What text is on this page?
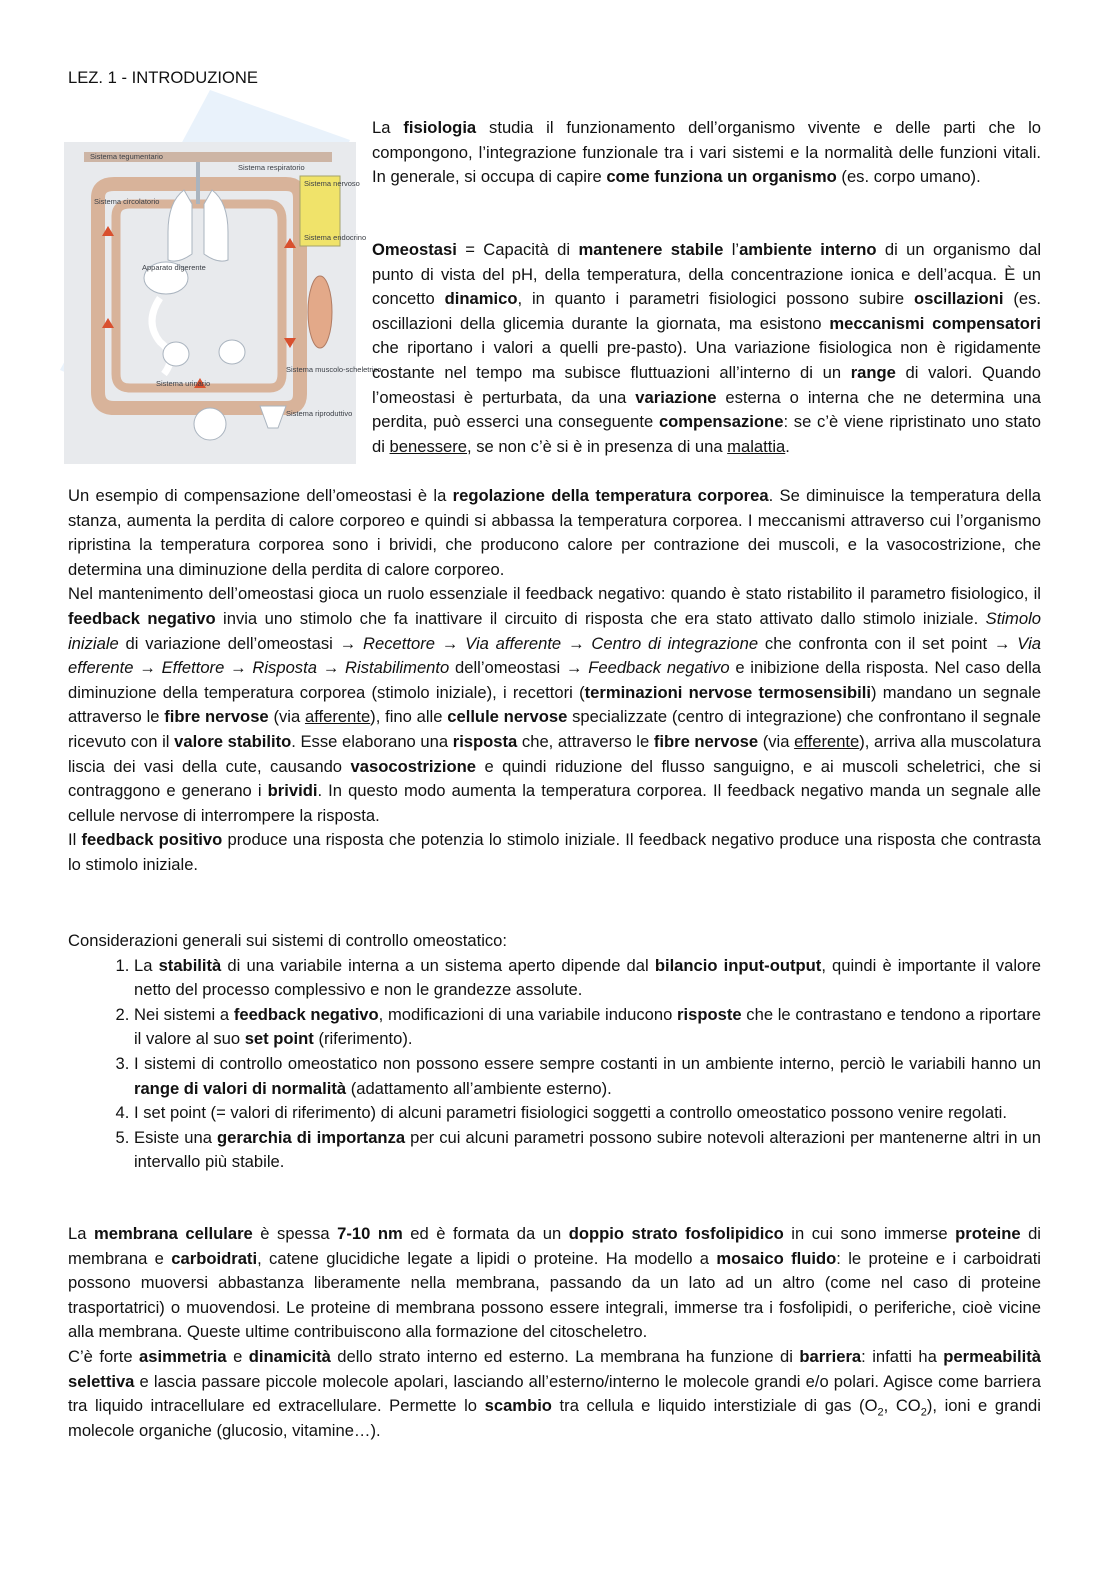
LEZ. 1 - INTRODUZIONE
Sistema tegumentario
Sistema respiratorio
Sistema nervoso
Sistema endocrino
Sistema circolatorio
Apparato digerente
Sistema muscolo-scheletrico
Sistema urinario
Sistema riproduttivo

La fisiologia studia il funzionamento dell’organismo vivente e delle parti che lo compongono, l’integrazione funzionale tra i vari sistemi e la normalità delle funzioni vitali. In generale, si occupa di capire come funziona un organismo (es. corpo umano).

Omeostasi = Capacità di mantenere stabile l’ambiente interno di un organismo dal punto di vista del pH, della temperatura, della concentrazione ionica e dell’acqua. È un concetto dinamico, in quanto i parametri fisiologici possono subire oscillazioni (es. oscillazioni della glicemia durante la giornata, ma esistono meccanismi compensatori che riportano i valori a quelli pre-pasto). Una variazione fisiologica non è rigidamente costante nel tempo ma subisce fluttuazioni all’interno di un range di valori. Quando l’omeostasi è perturbata, da una variazione esterna o interna che ne determina una perdita, può esserci una conseguente compensazione: se c’è viene ripristinato uno stato di benessere, se non c’è si è in presenza di una malattia.

Un esempio di compensazione dell’omeostasi è la regolazione della temperatura corporea. Se diminuisce la temperatura della stanza, aumenta la perdita di calore corporeo e quindi si abbassa la temperatura corporea. I meccanismi attraverso cui l’organismo ripristina la temperatura corporea sono i brividi, che producono calore per contrazione dei muscoli, e la vasocostrizione, che determina una diminuzione della perdita di calore corporeo.

Nel mantenimento dell’omeostasi gioca un ruolo essenziale il feedback negativo: quando è stato ristabilito il parametro fisiologico, il feedback negativo invia uno stimolo che fa inattivare il circuito di risposta che era stato attivato dallo stimolo iniziale. Stimolo iniziale di variazione dell’omeostasi → Recettore → Via afferente → Centro di integrazione che confronta con il set point → Via efferente → Effettore → Risposta → Ristabilimento dell’omeostasi → Feedback negativo e inibizione della risposta. Nel caso della diminuzione della temperatura corporea (stimolo iniziale), i recettori (terminazioni nervose termosensibili) mandano un segnale attraverso le fibre nervose (via afferente), fino alle cellule nervose specializzate (centro di integrazione) che confrontano il segnale ricevuto con il valore stabilito. Esse elaborano una risposta che, attraverso le fibre nervose (via efferente), arriva alla muscolatura liscia dei vasi della cute, causando vasocostrizione e quindi riduzione del flusso sanguigno, e ai muscoli scheletrici, che si contraggono e generano i brividi. In questo modo aumenta la temperatura corporea. Il feedback negativo manda un segnale alle cellule nervose di interrompere la risposta.

Il feedback positivo produce una risposta che potenzia lo stimolo iniziale. Il feedback negativo produce una risposta che contrasta lo stimolo iniziale.

Considerazioni generali sui sistemi di controllo omeostatico:

1. La stabilità di una variabile interna a un sistema aperto dipende dal bilancio input-output, quindi è importante il valore netto del processo complessivo e non le grandezze assolute.
2. Nei sistemi a feedback negativo, modificazioni di una variabile inducono risposte che le contrastano e tendono a riportare il valore al suo set point (riferimento).
3. I sistemi di controllo omeostatico non possono essere sempre costanti in un ambiente interno, perciò le variabili hanno un range di valori di normalità (adattamento all’ambiente esterno).
4. I set point (= valori di riferimento) di alcuni parametri fisiologici soggetti a controllo omeostatico possono venire regolati.
5. Esiste una gerarchia di importanza per cui alcuni parametri possono subire notevoli alterazioni per mantenerne altri in un intervallo più stabile.

La membrana cellulare è spessa 7-10 nm ed è formata da un doppio strato fosfolipidico in cui sono immerse proteine di membrana e carboidrati, catene glucidiche legate a lipidi o proteine. Ha modello a mosaico fluido: le proteine e i carboidrati possono muoversi abbastanza liberamente nella membrana, passando da un lato ad un altro (come nel caso di proteine trasportatrici) o muovendosi. Le proteine di membrana possono essere integrali, immerse tra i fosfolipidi, o periferiche, cioè vicine alla membrana. Queste ultime contribuiscono alla formazione del citoscheletro.

C’è forte asimmetria e dinamicità dello strato interno ed esterno. La membrana ha funzione di barriera: infatti ha permeabilità selettiva e lascia passare piccole molecole apolari, lasciando all’esterno/interno le molecole grandi e/o polari. Agisce come barriera tra liquido intracellulare ed extracellulare. Permette lo scambio tra cellula e liquido interstiziale di gas ($O_2$, $CO_2$), ioni e grandi molecole organiche (glucosio, vitamine…).
